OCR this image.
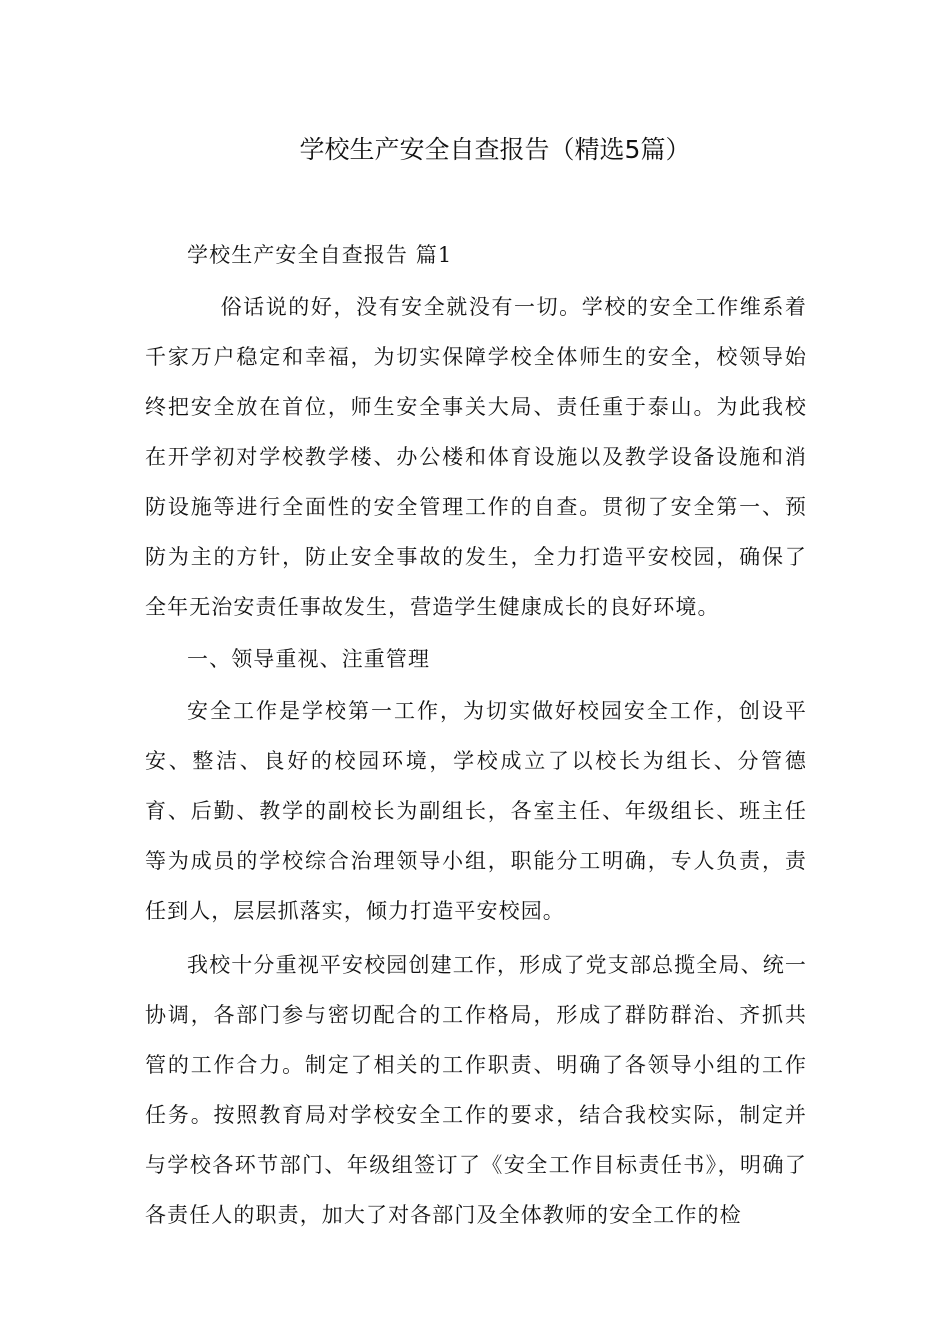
学校生产安全自查报告（精选5篇）

学校生产安全自查报告 篇1

俗话说的好，没有安全就没有一切。学校的安全工作维系着千家万户稳定和幸福，为切实保障学校全体师生的安全，校领导始终把安全放在首位，师生安全事关大局、责任重于泰山。为此我校在开学初对学校教学楼、办公楼和体育设施以及教学设备设施和消防设施等进行全面性的安全管理工作的自查。贯彻了安全第一、预防为主的方针，防止安全事故的发生，全力打造平安校园，确保了全年无治安责任事故发生，营造学生健康成长的良好环境。

一、领导重视、注重管理

安全工作是学校第一工作，为切实做好校园安全工作，创设平安、整洁、良好的校园环境，学校成立了以校长为组长、分管德育、后勤、教学的副校长为副组长，各室主任、年级组长、班主任等为成员的学校综合治理领导小组，职能分工明确，专人负责，责任到人，层层抓落实，倾力打造平安校园。

我校十分重视平安校园创建工作，形成了党支部总揽全局、统一协调，各部门参与密切配合的工作格局，形成了群防群治、齐抓共管的工作合力。制定了相关的工作职责、明确了各领导小组的工作任务。按照教育局对学校安全工作的要求，结合我校实际，制定并与学校各环节部门、年级组签订了《安全工作目标责任书》，明确了各责任人的职责，加大了对各部门及全体教师的安全工作的检
